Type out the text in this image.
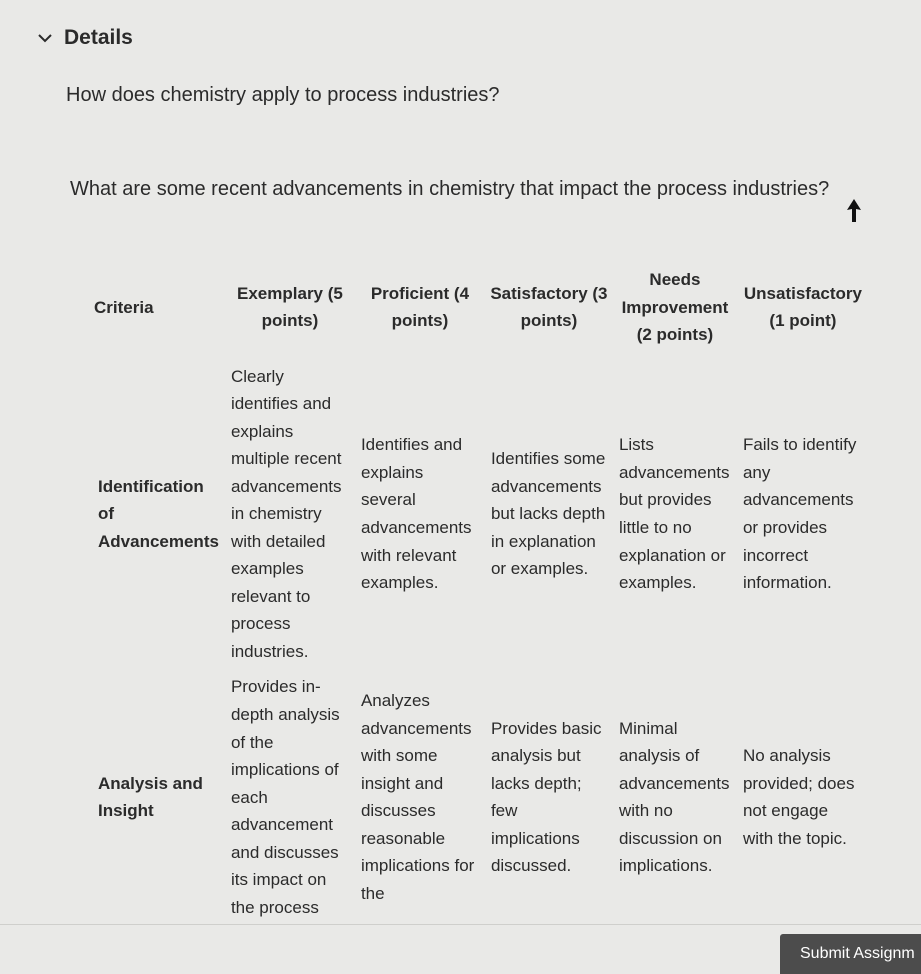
Details
How does chemistry apply to process industries?
What are some recent advancements in chemistry that impact the process industries?
Criteria	Exemplary (5 points)	Proficient (4 points)	Satisfactory (3 points)	Needs Improvement (2 points)	Unsatisfactory (1 point)
Identification of Advancements	Clearly identifies and explains multiple recent advancements in chemistry with detailed examples relevant to process industries.	Identifies and explains several advancements with relevant examples.	Identifies some advancements but lacks depth in explanation or examples.	Lists advancements but provides little to no explanation or examples.	Fails to identify any advancements or provides incorrect information.
Analysis and Insight	Provides in-depth analysis of the implications of each advancement and discusses its impact on the process	Analyzes advancements with some insight and discusses reasonable implications for the	Provides basic analysis but lacks depth; few implications discussed.	Minimal analysis of advancements with no discussion on implications.	No analysis provided; does not engage with the topic.
Submit Assignm
